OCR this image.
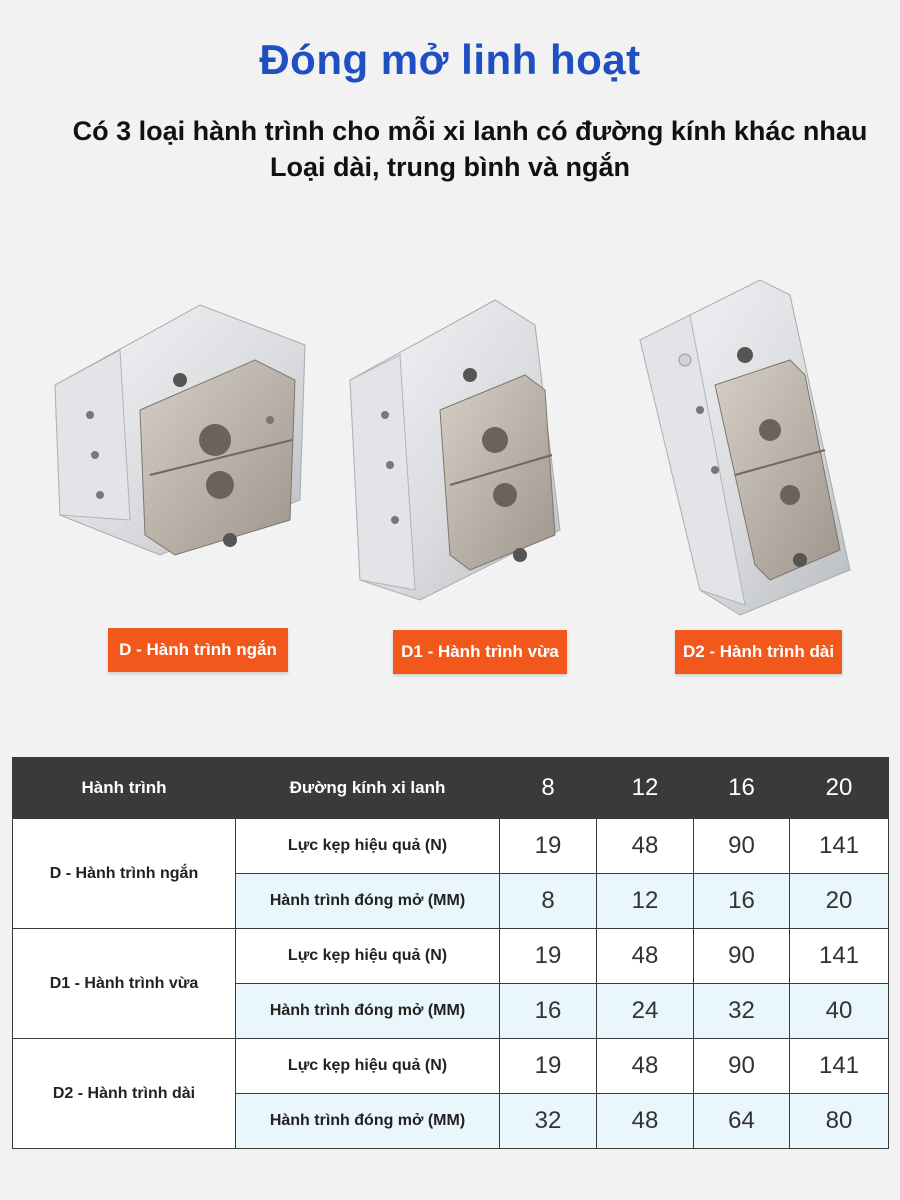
Đóng mở linh hoạt
Có 3 loại hành trình cho mỗi xi lanh có đường kính khác nhau
Loại dài, trung bình và ngắn
D - Hành trình ngắn	D1 - Hành trình vừa	D2 - Hành trình dài
Hành trình	Đường kính xi lanh	8	12	16	20
D - Hành trình ngắn	Lực kẹp hiệu quả (N)	19	48	90	141
	Hành trình đóng mở (MM)	8	12	16	20
D1 - Hành trình vừa	Lực kẹp hiệu quả (N)	19	48	90	141
	Hành trình đóng mở (MM)	16	24	32	40
D2 - Hành trình dài	Lực kẹp hiệu quả (N)	19	48	90	141
	Hành trình đóng mở (MM)	32	48	64	80
